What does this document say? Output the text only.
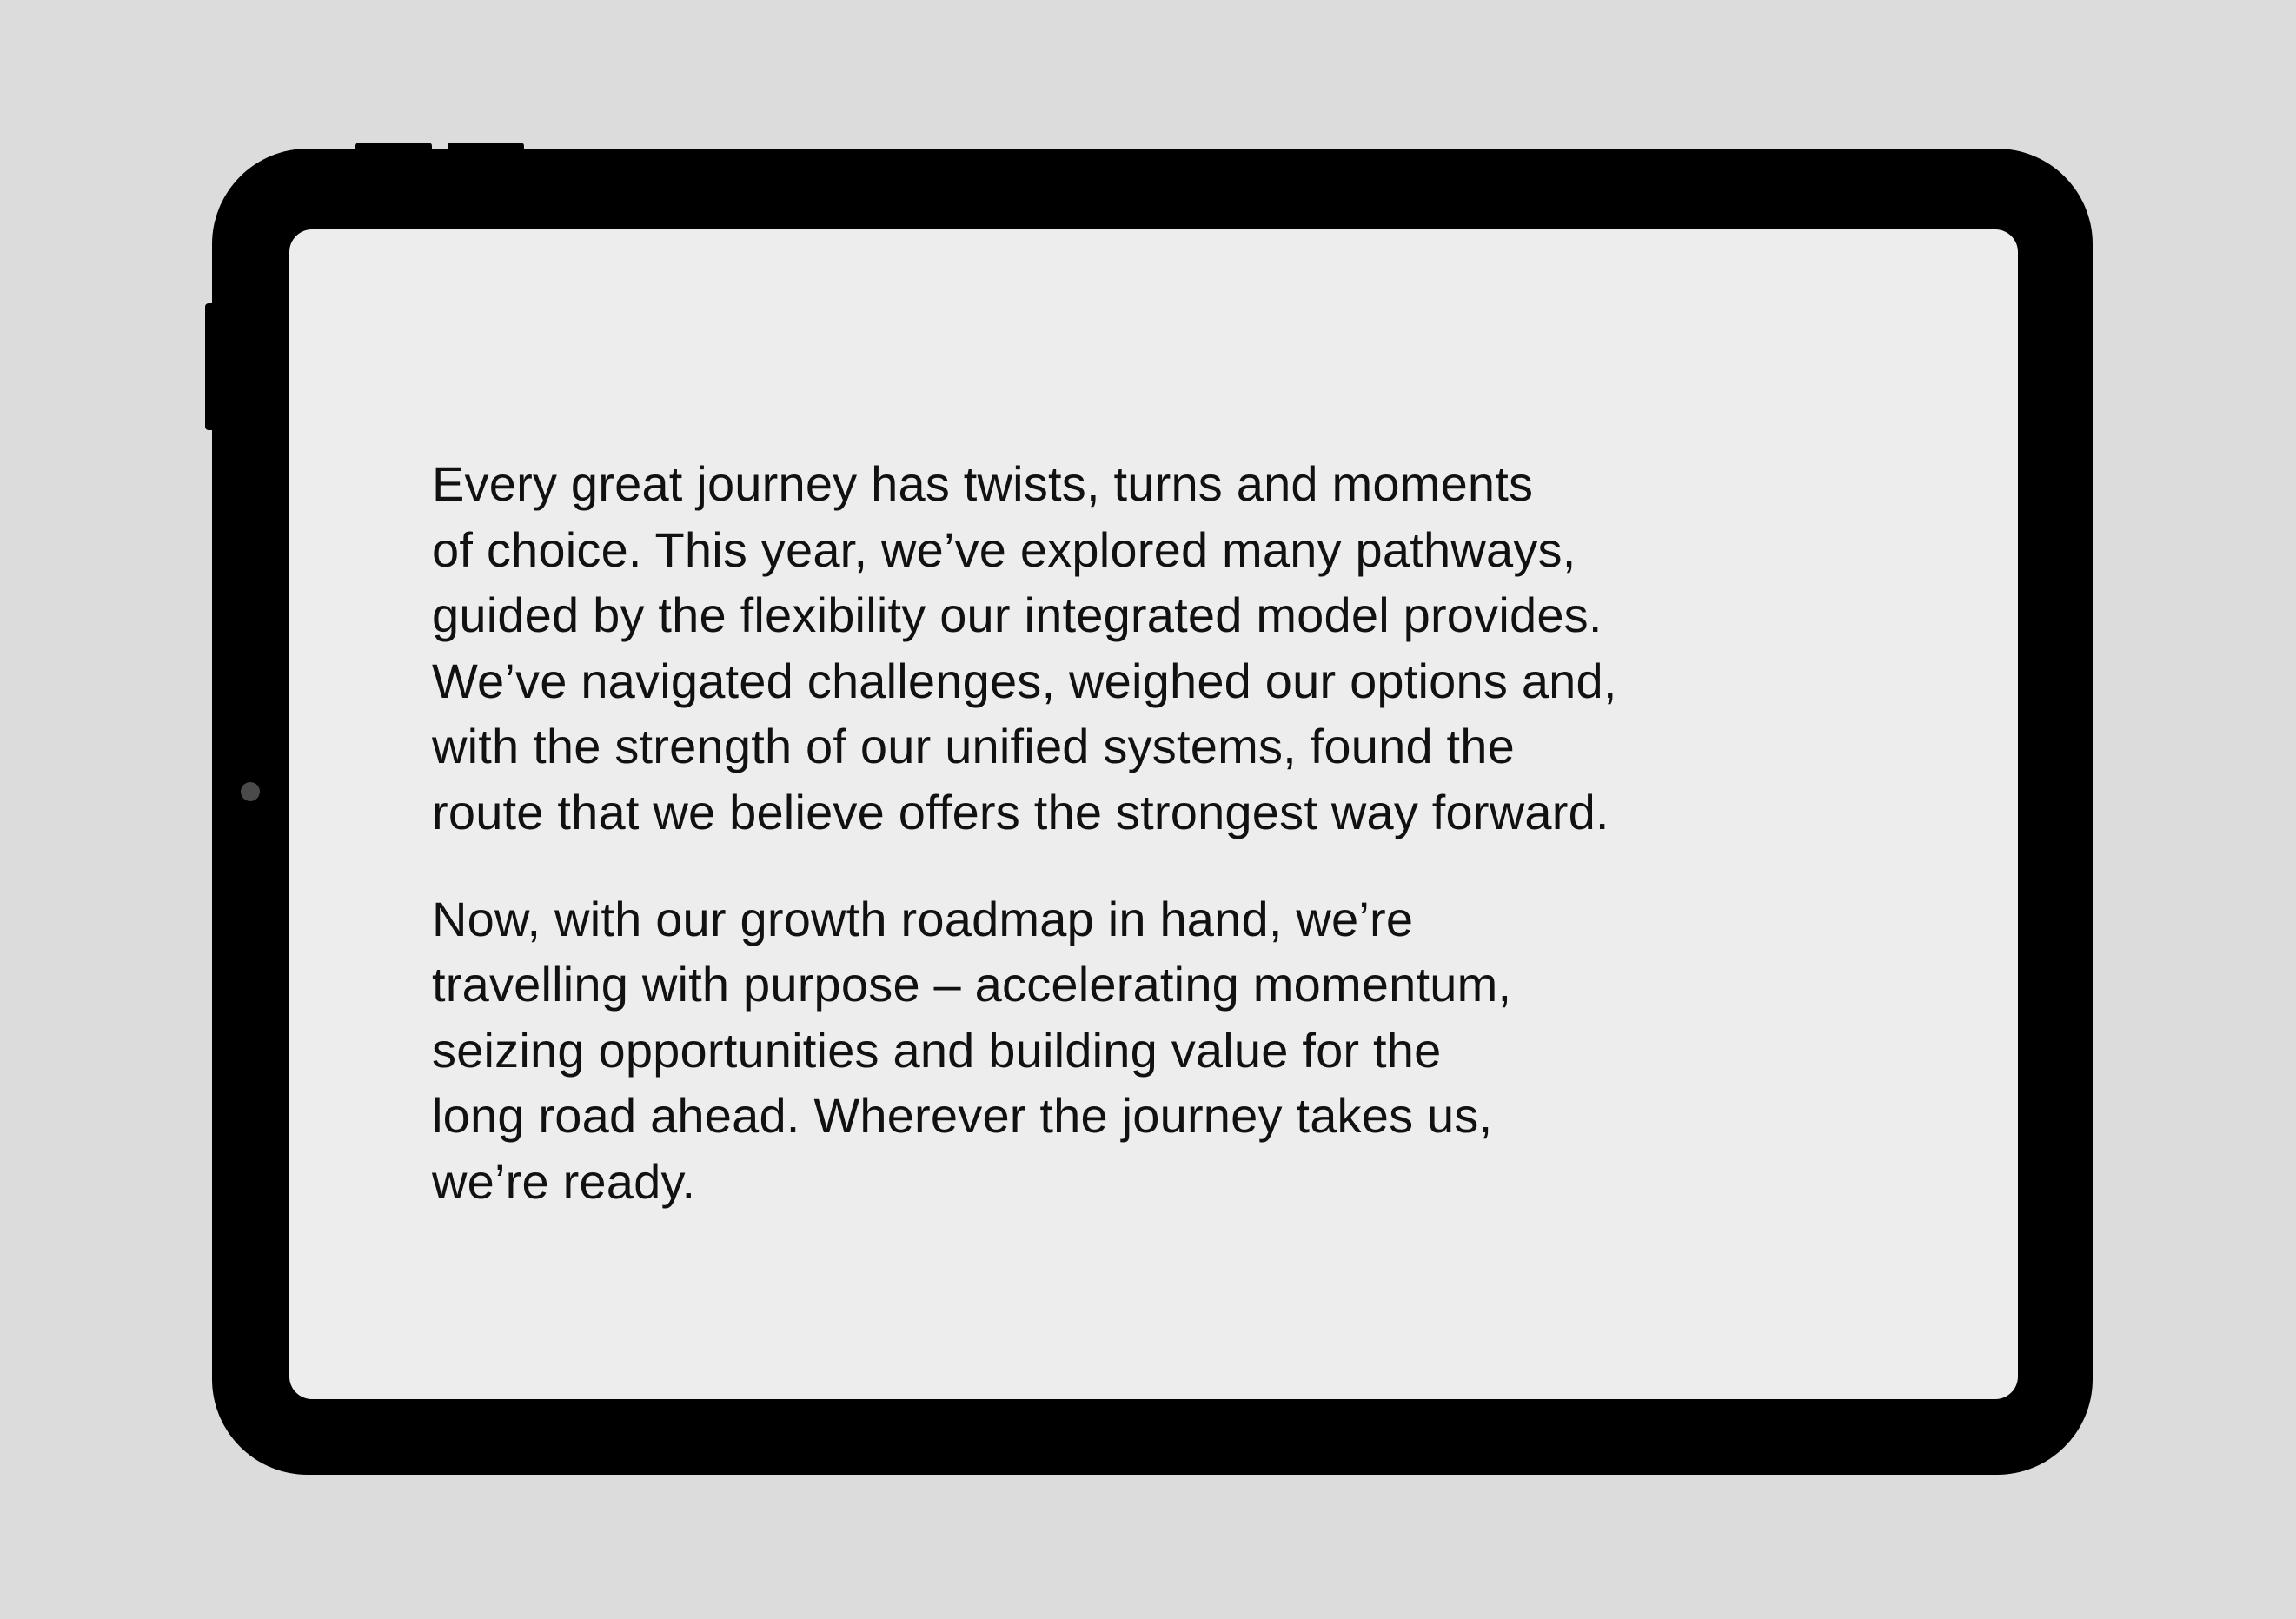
Every great journey has twists, turns and moments
of choice. This year, we’ve explored many pathways,
guided by the flexibility our integrated model provides.
We’ve navigated challenges, weighed our options and,
with the strength of our unified systems, found the
route that we believe offers the strongest way forward.

Now, with our growth roadmap in hand, we’re
travelling with purpose – accelerating momentum,
seizing opportunities and building value for the
long road ahead. Wherever the journey takes us,
we’re ready.
